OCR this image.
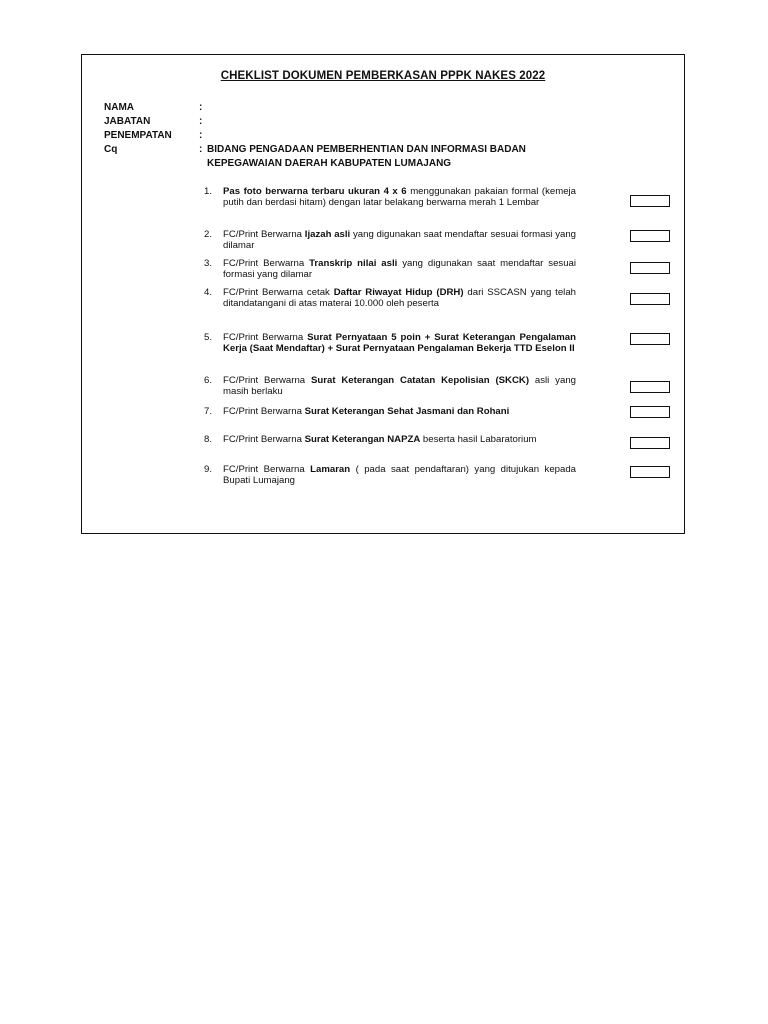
CHEKLIST DOKUMEN PEMBERKASAN PPPK NAKES 2022
NAMA	:
JABATAN	:
PENEMPATAN	:
Cq	: BIDANG PENGADAAN PEMBERHENTIAN DAN INFORMASI BADAN KEPEGAWAIAN DAERAH KABUPATEN LUMAJANG
1. Pas foto berwarna terbaru ukuran 4 x 6 menggunakan pakaian formal (kemeja putih dan berdasi hitam) dengan latar belakang berwarna merah 1 Lembar
2. FC/Print Berwarna Ijazah asli yang digunakan saat mendaftar sesuai formasi yang dilamar
3. FC/Print Berwarna Transkrip nilai asli yang digunakan saat mendaftar sesuai formasi yang dilamar
4. FC/Print Berwarna cetak Daftar Riwayat Hidup (DRH) dari SSCASN yang telah ditandatangani di atas materai 10.000 oleh peserta
5. FC/Print Berwarna Surat Pernyataan 5 poin + Surat Keterangan Pengalaman Kerja (Saat Mendaftar) + Surat Pernyataan Pengalaman Bekerja TTD Eselon II
6. FC/Print Berwarna Surat Keterangan Catatan Kepolisian (SKCK) asli yang masih berlaku
7. FC/Print Berwarna Surat Keterangan Sehat Jasmani dan Rohani
8. FC/Print Berwarna Surat Keterangan NAPZA beserta hasil Labaratorium
9. FC/Print Berwarna Lamaran ( pada saat pendaftaran) yang ditujukan kepada Bupati Lumajang
